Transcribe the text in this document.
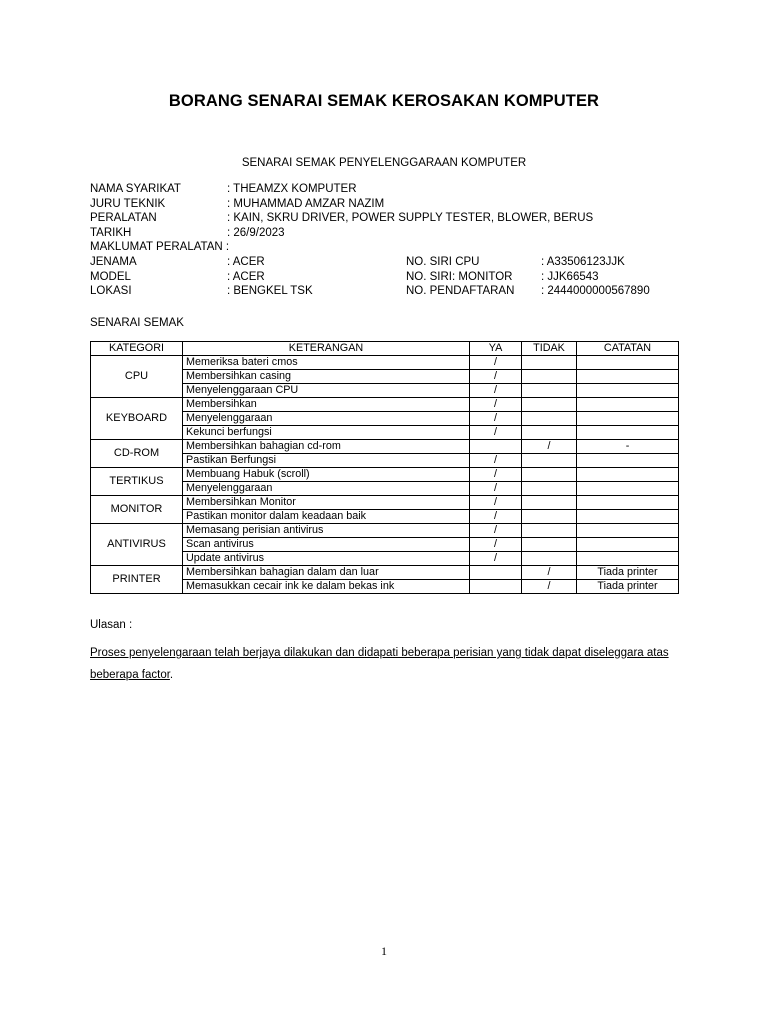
BORANG SENARAI SEMAK KEROSAKAN KOMPUTER
SENARAI SEMAK PENYELENGGARAAN KOMPUTER
NAMA SYARIKAT	: THEAMZX KOMPUTER
JURU TEKNIK	: MUHAMMAD AMZAR NAZIM
PERALATAN	: KAIN, SKRU DRIVER, POWER SUPPLY TESTER, BLOWER, BERUS
TARIKH	: 26/9/2023
MAKLUMAT PERALATAN :
JENAMA	: ACER	NO. SIRI CPU	: A33506123JJK
MODEL	: ACER	NO. SIRI: MONITOR : JJK66543
LOKASI	: BENGKEL TSK	NO. PENDAFTARAN : 2444000000567890
SENARAI SEMAK
KATEGORI	KETERANGAN	YA	TIDAK	CATATAN
CPU	Memeriksa bateri cmos	/		
	Membersihkan casing	/		
	Menyelenggaraan CPU	/		
KEYBOARD	Membersihkan	/		
	Menyelenggaraan	/		
	Kekunci berfungsi	/		
CD-ROM	Membersihkan bahagian cd-rom		/	-
	Pastikan Berfungsi	/		
TERTIKUS	Membuang Habuk (scroll)	/		
	Menyelenggaraan	/		
MONITOR	Membersihkan Monitor	/		
	Pastikan monitor dalam keadaan baik	/		
ANTIVIRUS	Memasang perisian antivirus	/		
	Scan antivirus	/		
	Update antivirus	/		
PRINTER	Membersihkan bahagian dalam dan luar		/	Tiada printer
	Memasukkan cecair ink ke dalam bekas ink		/	Tiada printer
Ulasan :
Proses penyelengaraan telah berjaya dilakukan dan didapati beberapa perisian yang tidak dapat diseleggara atas beberapa factor.
1
